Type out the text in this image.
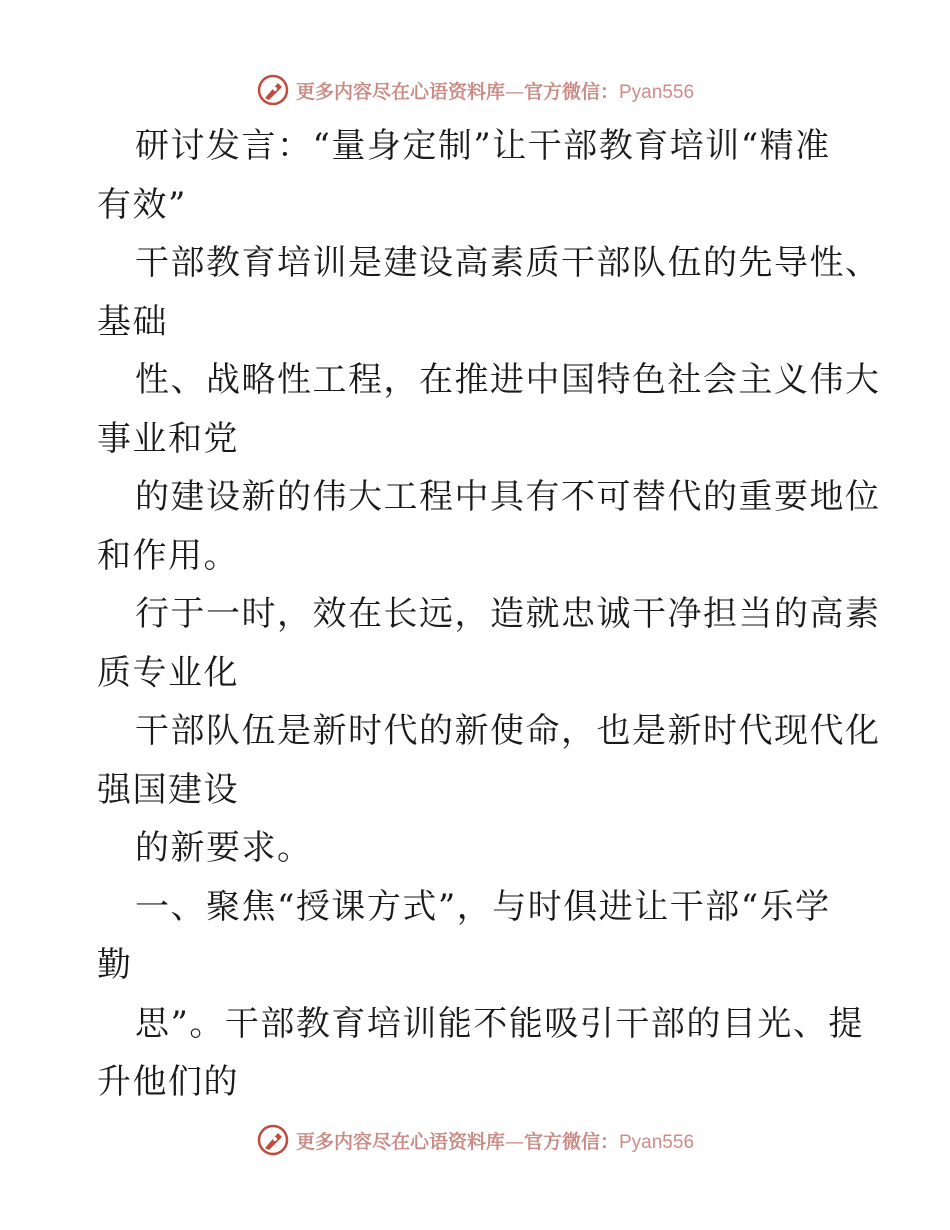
更多内容尽在心语资料库—官方微信：Pyan556
研讨发言：“量身定制”让干部教育培训“精准
有效”
干部教育培训是建设高素质干部队伍的先导性、
基础
性、战略性工程，在推进中国特色社会主义伟大
事业和党
的建设新的伟大工程中具有不可替代的重要地位
和作用。
行于一时，效在长远，造就忠诚干净担当的高素
质专业化
干部队伍是新时代的新使命，也是新时代现代化
强国建设
的新要求。
一、聚焦“授课方式”，与时俱进让干部“乐学
勤
思”。干部教育培训能不能吸引干部的目光、提
升他们的
更多内容尽在心语资料库—官方微信：Pyan556
